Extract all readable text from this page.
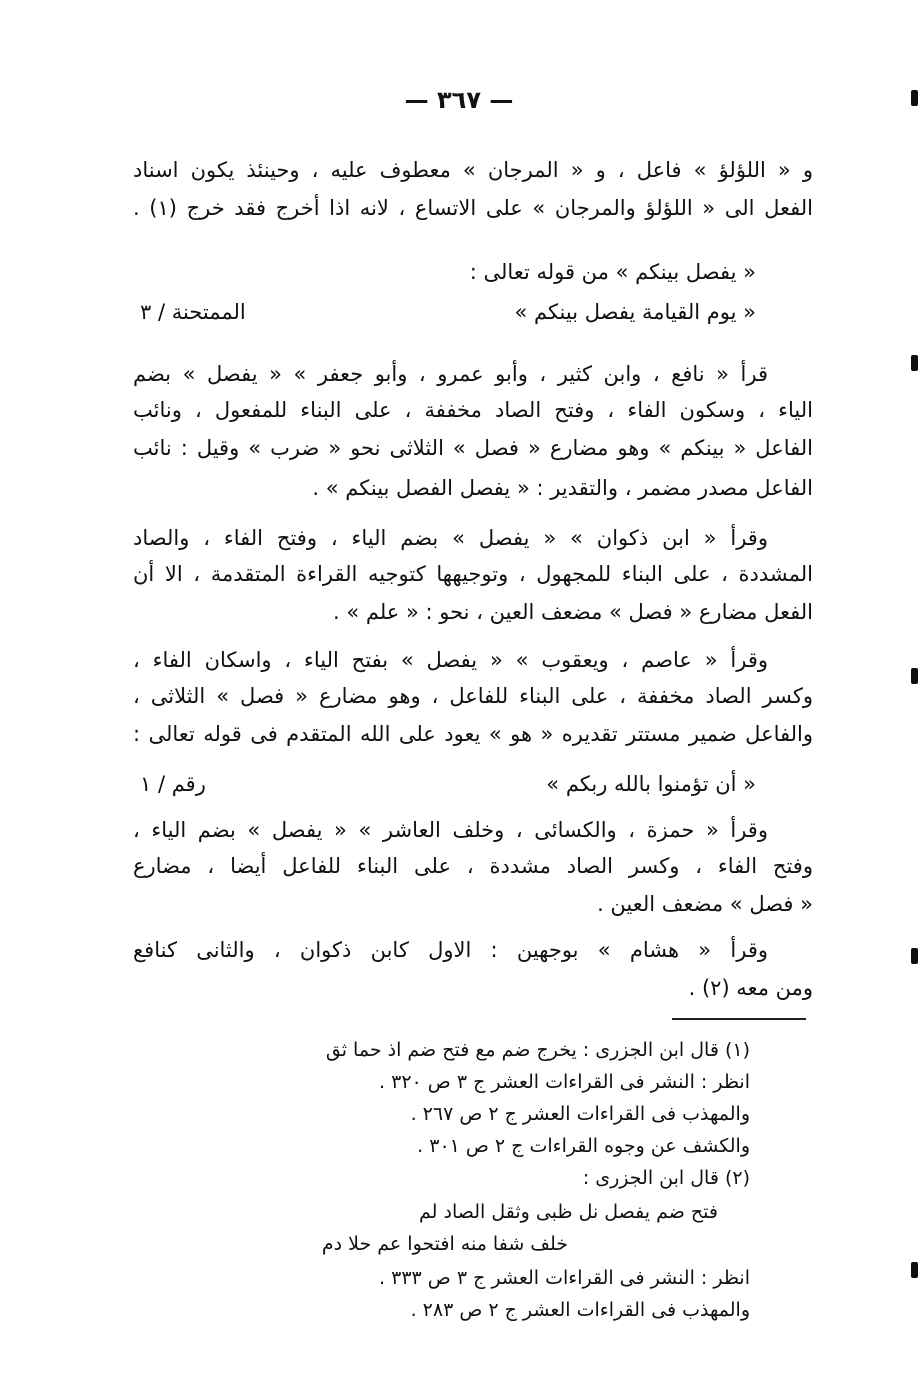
— ٣٦٧ —
و « اللؤلؤ » فاعل ، و « المرجان » معطوف عليه ، وحينئذ يكون اسناد
الفعل الى « اللؤلؤ والمرجان » على الاتساع ، لانه اذا أخرج فقد خرج (١) .
« يفصل بينكم » من قوله تعالى :
« يوم القيامة يفصل بينكم »
الممتحنة / ٣
قرأ « نافع ، وابن كثير ، وأبو عمرو ، وأبو جعفر » « يفصل » بضم
الياء ، وسكون الفاء ، وفتح الصاد مخففة ، على البناء للمفعول ، ونائب
الفاعل « بينكم » وهو مضارع « فصل » الثلاثى نحو « ضرب » وقيل : نائب
الفاعل مصدر مضمر ، والتقدير : « يفصل الفصل بينكم » .
وقرأ « ابن ذكوان » « يفصل » بضم الياء ، وفتح الفاء ، والصاد
المشددة ، على البناء للمجهول ، وتوجيهها كتوجيه القراءة المتقدمة ، الا أن
الفعل مضارع « فصل » مضعف العين ، نحو : « علم » .
وقرأ « عاصم ، ويعقوب » « يفصل » بفتح الياء ، واسكان الفاء ،
وكسر الصاد مخففة ، على البناء للفاعل ، وهو مضارع « فصل » الثلاثى ،
والفاعل ضمير مستتر تقديره « هو » يعود على الله المتقدم فى قوله تعالى :
« أن تؤمنوا بالله ربكم »
رقم / ١
وقرأ « حمزة ، والكسائى ، وخلف العاشر » « يفصل » بضم الياء ،
وفتح الفاء ، وكسر الصاد مشددة ، على البناء للفاعل أيضا ، مضارع
« فصل » مضعف العين .
وقرأ « هشام » بوجهين : الاول كابن ذكوان ، والثانى كنافع
ومن معه (٢) .
(١) قال ابن الجزرى : يخرج ضم مع فتح ضم اذ حما ثق
انظر : النشر فى القراءات العشر ج ٣ ص ٣٢٠ .
والمهذب فى القراءات العشر ج ٢ ص ٢٦٧ .
والكشف عن وجوه القراءات ج ٢ ص ٣٠١ .
(٢) قال ابن الجزرى :
فتح ضم يفصل نل ظبى وثقل الصاد لم
خلف شفا منه افتحوا عم حلا دم
انظر : النشر فى القراءات العشر ج ٣ ص ٣٣٣ .
والمهذب فى القراءات العشر ج ٢ ص ٢٨٣ .
